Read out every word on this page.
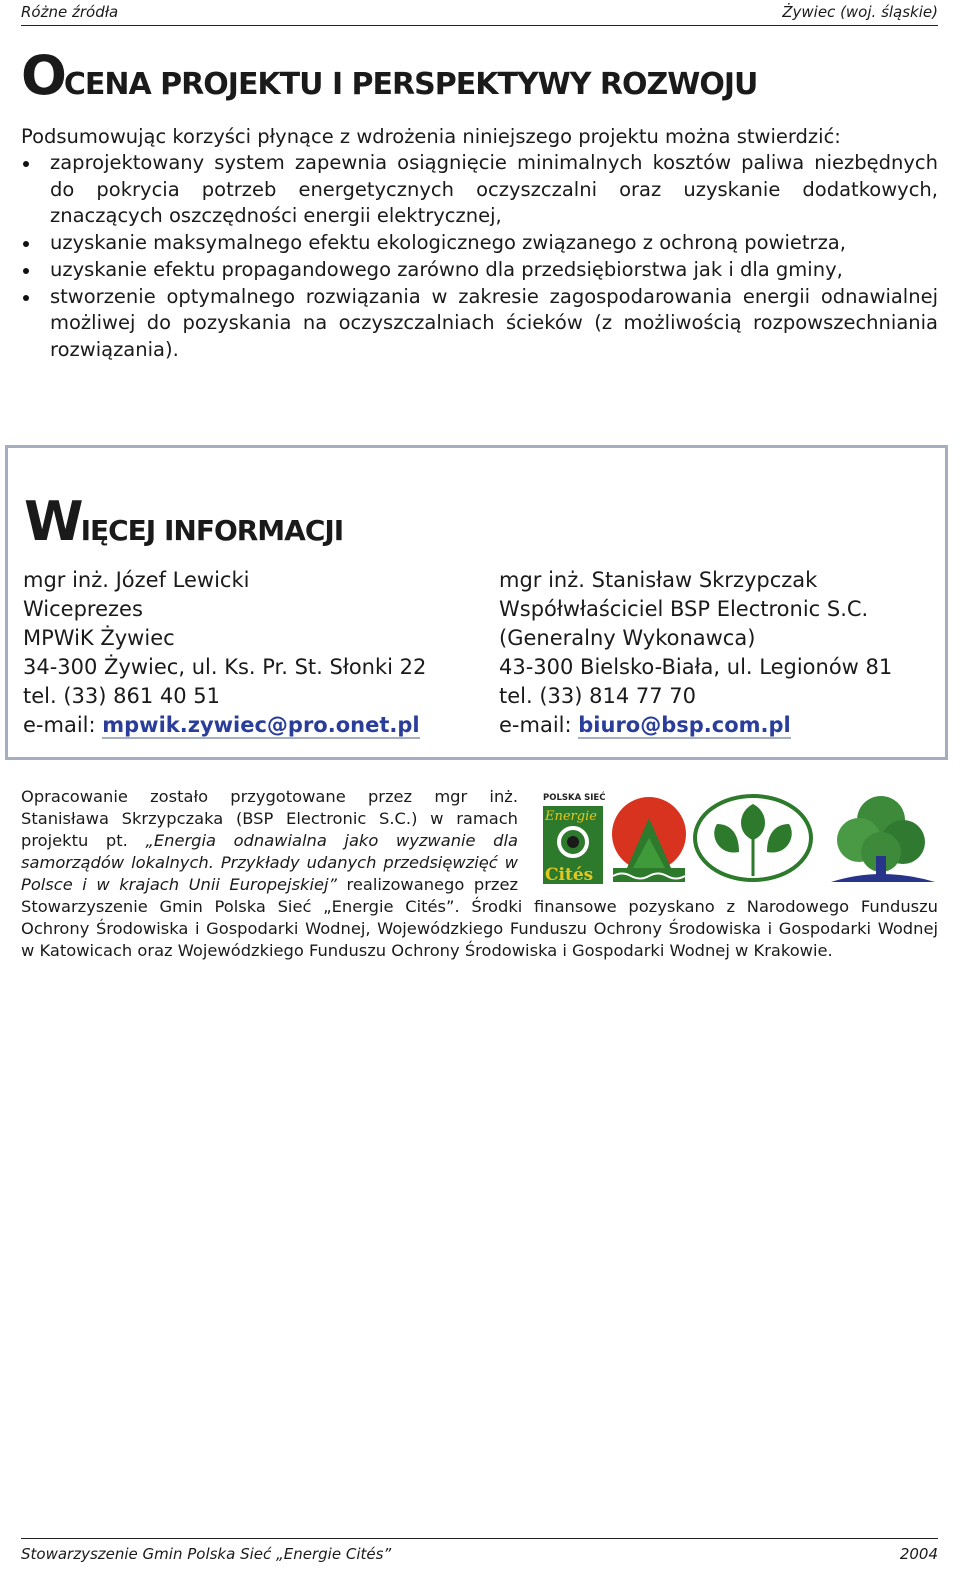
Różne źródła	Żywiec (woj. śląskie)
OCENA PROJEKTU I PERSPEKTYWY ROZWOJU
Podsumowując korzyści płynące z wdrożenia niniejszego projektu można stwierdzić:
zaprojektowany system zapewnia osiągnięcie minimalnych kosztów paliwa niezbędnych do pokrycia potrzeb energetycznych oczyszczalni oraz uzyskanie dodatkowych, znaczących oszczędności energii elektrycznej,
uzyskanie maksymalnego efektu ekologicznego związanego z ochroną powietrza,
uzyskanie efektu propagandowego zarówno dla przedsiębiorstwa jak i dla gminy,
stworzenie optymalnego rozwiązania w zakresie zagospodarowania energii odnawialnej możliwej do pozyskania na oczyszczalniach ścieków (z możliwością rozpowszechniania rozwiązania).
WIĘCEJ INFORMACJI
mgr inż. Józef Lewicki
Wiceprezes
MPWiK Żywiec
34-300 Żywiec, ul. Ks. Pr. St. Słonki 22
tel. (33) 861 40 51
e-mail: mpwik.zywiec@pro.onet.pl
mgr inż. Stanisław Skrzypczak
Współwłaściciel BSP Electronic S.C.
(Generalny Wykonawca)
43-300 Bielsko-Biała, ul. Legionów 81
tel. (33) 814 77 70
e-mail: biuro@bsp.com.pl
POLSKA SIEĆ
Energie
Cités

Opracowanie zostało przygotowane przez mgr inż. Stanisława Skrzypczaka (BSP Electronic S.C.) w ramach projektu pt. „Energia odnawialna jako wyzwanie dla samorządów lokalnych. Przykłady udanych przedsięwzięć w Polsce i w krajach Unii Europejskiej” realizowanego przez Stowarzyszenie Gmin Polska Sieć „Energie Cités”. Środki finansowe pozyskano z Narodowego Funduszu Ochrony Środowiska i Gospodarki Wodnej, Wojewódzkiego Funduszu Ochrony Środowiska i Gospodarki Wodnej w Katowicach oraz Wojewódzkiego Funduszu Ochrony Środowiska i Gospodarki Wodnej w Krakowie.

Stowarzyszenie Gmin Polska Sieć „Energie Cités”	2004
